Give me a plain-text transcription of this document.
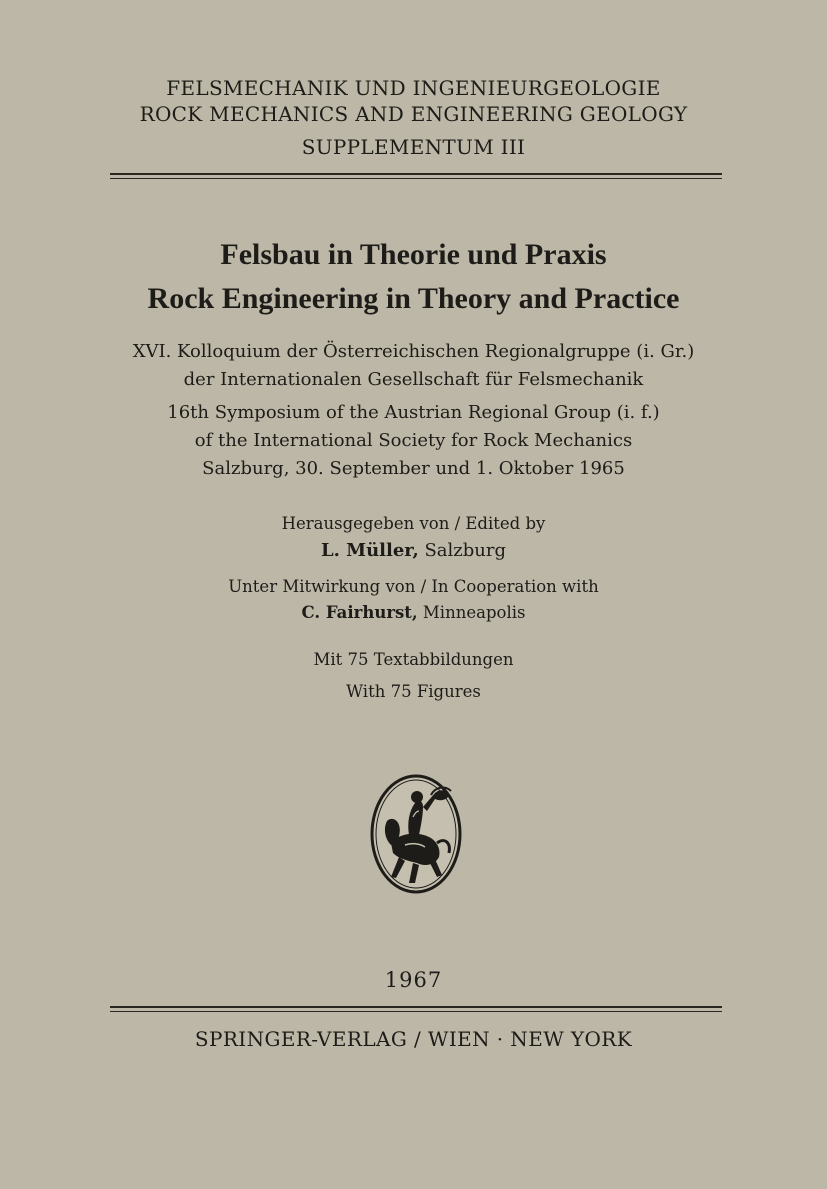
FELSMECHANIK UND INGENIEURGEOLOGIE
ROCK MECHANICS AND ENGINEERING GEOLOGY
SUPPLEMENTUM III
Felsbau in Theorie und Praxis
Rock Engineering in Theory and Practice
XVI. Kolloquium der Österreichischen Regionalgruppe (i. Gr.)
der Internationalen Gesellschaft für Felsmechanik
16th Symposium of the Austrian Regional Group (i. f.)
of the International Society for Rock Mechanics
Salzburg, 30. September und 1. Oktober 1965
Herausgegeben von / Edited by
L. Müller, Salzburg
Unter Mitwirkung von / In Cooperation with
C. Fairhurst, Minneapolis
Mit 75 Textabbildungen
With 75 Figures
1967
SPRINGER-VERLAG / WIEN · NEW YORK
